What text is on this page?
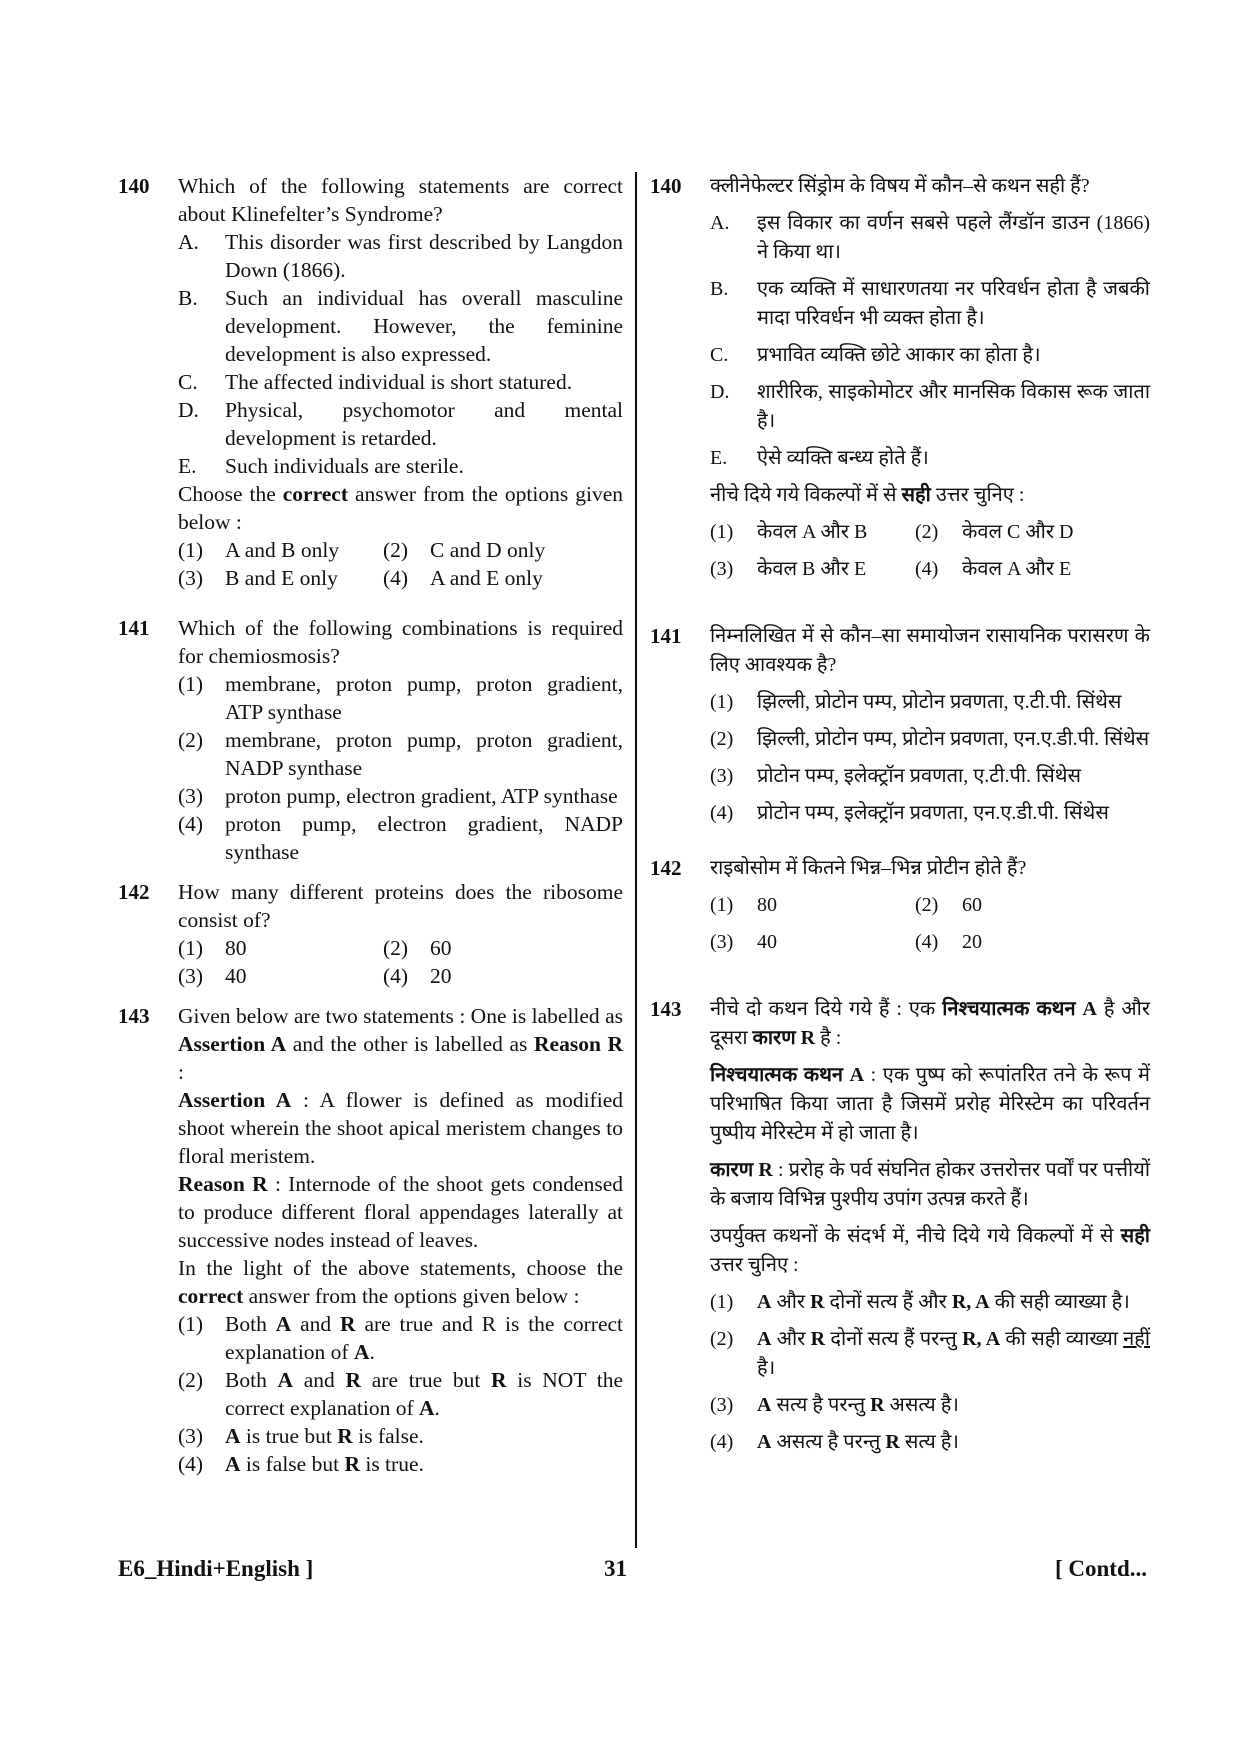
140 Which of the following statements are correct about Klinefelter’s Syndrome?
A.	This disorder was first described by Langdon Down (1866).
B.	Such an individual has overall masculine development. However, the feminine development is also expressed.
C.	The affected individual is short statured.
D.	Physical, psychomotor and mental development is retarded.
E.	Such individuals are sterile.
Choose the correct answer from the options given below :
(1)	A and B only (2)	C and D only
(3)	B and E only (4)	A and E only
141 Which of the following combinations is required for chemiosmosis?
(1)	membrane, proton pump, proton gradient, ATP synthase
(2)	membrane, proton pump, proton gradient, NADP synthase
(3)	proton pump, electron gradient, ATP synthase
(4)	proton pump, electron gradient, NADP synthase
142 How many different proteins does the ribosome consist of?
(1)	80	(2)	60
(3)	40	(4)	20
143 Given below are two statements : One is labelled as Assertion A and the other is labelled as Reason R :
Assertion A : A flower is defined as modified shoot wherein the shoot apical meristem changes to floral meristem.
Reason R : Internode of the shoot gets condensed to produce different floral appendages laterally at successive nodes instead of leaves.
In the light of the above statements, choose the correct answer from the options given below :
(1)	Both A and R are true and R is the correct explanation of A.
(2)	Both A and R are true but R is NOT the correct explanation of A.
(3)	A is true but R is false.
(4)	A is false but R is true.
140 क्लीनेफेल्टर सिंड्रोम के विषय में कौन–से कथन सही हैं?
A.	इस विकार का वर्णन सबसे पहले लैंग्डॉन डाउन (1866) ने किया था।
B.	एक व्यक्ति में साधारणतया नर परिवर्धन होता है जबकी मादा परिवर्धन भी व्यक्त होता है।
C.	प्रभावित व्यक्ति छोटे आकार का होता है।
D.	शारीरिक, साइकोमोटर और मानसिक विकास रूक जाता है।
E.	ऐसे व्यक्ति बन्ध्य होते हैं।
नीचे दिये गये विकल्पों में से सही उत्तर चुनिए :
(1)	केवल A और B (2)	केवल C और D
(3)	केवल B और E (4)	केवल A और E
141 निम्नलिखित में से कौन–सा समायोजन रासायनिक परासरण के लिए आवश्यक है?
(1)	झिल्ली, प्रोटोन पम्प, प्रोटोन प्रवणता, ए.टी.पी. सिंथेस
(2)	झिल्ली, प्रोटोन पम्प, प्रोटोन प्रवणता, एन.ए.डी.पी. सिंथेस
(3)	प्रोटोन पम्प, इलेक्ट्रॉन प्रवणता, ए.टी.पी. सिंथेस
(4)	प्रोटोन पम्प, इलेक्ट्रॉन प्रवणता, एन.ए.डी.पी. सिंथेस
142 राइबोसोम में कितने भिन्न–भिन्न प्रोटीन होते हैं?
(1)	80	(2)	60
(3)	40	(4)	20
143 नीचे दो कथन दिये गये हैं : एक निश्चयात्मक कथन A है और दूसरा कारण R है :
निश्चयात्मक कथन A : एक पुष्प को रूपांतरित तने के रूप में परिभाषित किया जाता है जिसमें प्ररोह मेरिस्टेम का परिवर्तन पुष्पीय मेरिस्टेम में हो जाता है।
कारण R : प्ररोह के पर्व संघनित होकर उत्तरोत्तर पर्वों पर पत्तीयों के बजाय विभिन्न पुश्पीय उपांग उत्पन्न करते हैं।
उपर्युक्त कथनों के संदर्भ में, नीचे दिये गये विकल्पों में से सही उत्तर चुनिए :
(1)	A और R दोनों सत्य हैं और R, A की सही व्याख्या है।
(2)	A और R दोनों सत्य हैं परन्तु R, A की सही व्याख्या नहीं है।
(3)	A सत्य है परन्तु R असत्य है।
(4)	A असत्य है परन्तु R सत्य है।
E6_Hindi+English ]	31	[ Contd...
